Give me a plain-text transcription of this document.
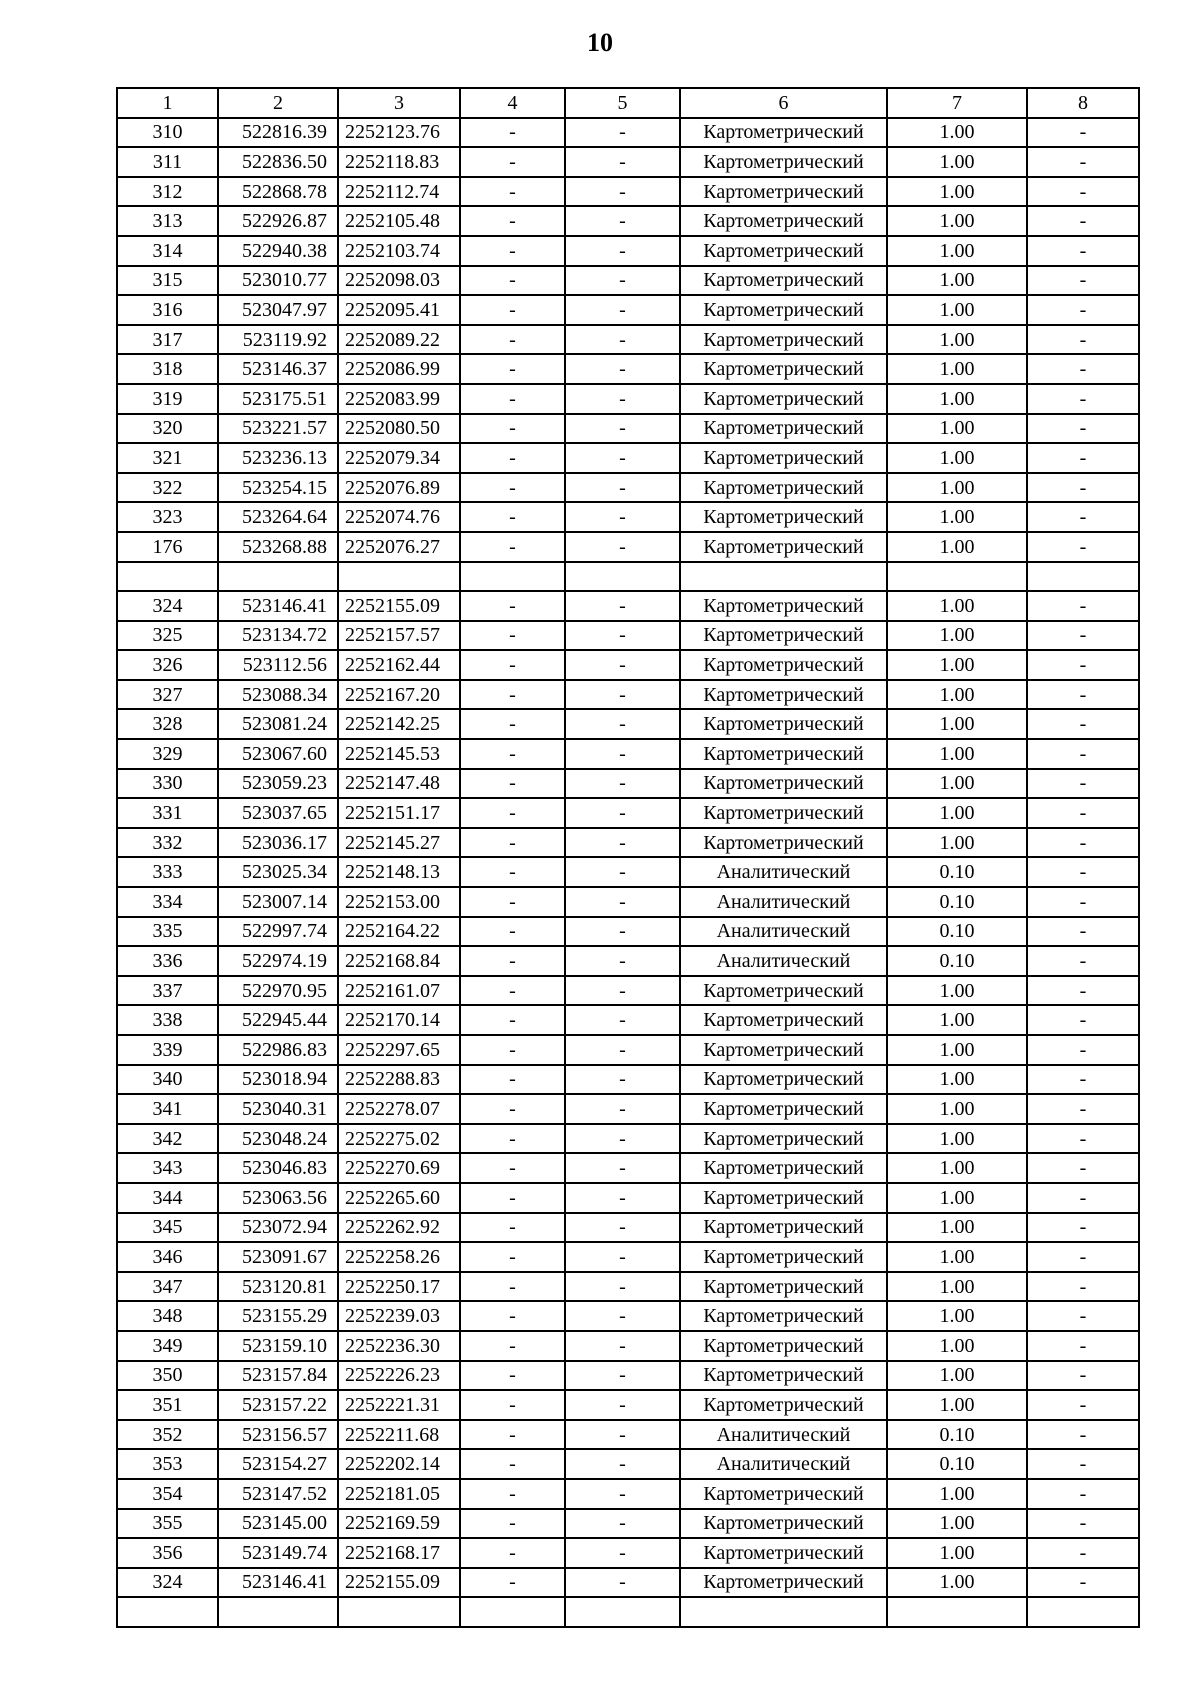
10
1	2	3	4	5	6	7	8
310	522816.39	2252123.76	-	-	Картометрический	1.00	-
311	522836.50	2252118.83	-	-	Картометрический	1.00	-
312	522868.78	2252112.74	-	-	Картометрический	1.00	-
313	522926.87	2252105.48	-	-	Картометрический	1.00	-
314	522940.38	2252103.74	-	-	Картометрический	1.00	-
315	523010.77	2252098.03	-	-	Картометрический	1.00	-
316	523047.97	2252095.41	-	-	Картометрический	1.00	-
317	523119.92	2252089.22	-	-	Картометрический	1.00	-
318	523146.37	2252086.99	-	-	Картометрический	1.00	-
319	523175.51	2252083.99	-	-	Картометрический	1.00	-
320	523221.57	2252080.50	-	-	Картометрический	1.00	-
321	523236.13	2252079.34	-	-	Картометрический	1.00	-
322	523254.15	2252076.89	-	-	Картометрический	1.00	-
323	523264.64	2252074.76	-	-	Картометрический	1.00	-
176	523268.88	2252076.27	-	-	Картометрический	1.00	-

324	523146.41	2252155.09	-	-	Картометрический	1.00	-
325	523134.72	2252157.57	-	-	Картометрический	1.00	-
326	523112.56	2252162.44	-	-	Картометрический	1.00	-
327	523088.34	2252167.20	-	-	Картометрический	1.00	-
328	523081.24	2252142.25	-	-	Картометрический	1.00	-
329	523067.60	2252145.53	-	-	Картометрический	1.00	-
330	523059.23	2252147.48	-	-	Картометрический	1.00	-
331	523037.65	2252151.17	-	-	Картометрический	1.00	-
332	523036.17	2252145.27	-	-	Картометрический	1.00	-
333	523025.34	2252148.13	-	-	Аналитический	0.10	-
334	523007.14	2252153.00	-	-	Аналитический	0.10	-
335	522997.74	2252164.22	-	-	Аналитический	0.10	-
336	522974.19	2252168.84	-	-	Аналитический	0.10	-
337	522970.95	2252161.07	-	-	Картометрический	1.00	-
338	522945.44	2252170.14	-	-	Картометрический	1.00	-
339	522986.83	2252297.65	-	-	Картометрический	1.00	-
340	523018.94	2252288.83	-	-	Картометрический	1.00	-
341	523040.31	2252278.07	-	-	Картометрический	1.00	-
342	523048.24	2252275.02	-	-	Картометрический	1.00	-
343	523046.83	2252270.69	-	-	Картометрический	1.00	-
344	523063.56	2252265.60	-	-	Картометрический	1.00	-
345	523072.94	2252262.92	-	-	Картометрический	1.00	-
346	523091.67	2252258.26	-	-	Картометрический	1.00	-
347	523120.81	2252250.17	-	-	Картометрический	1.00	-
348	523155.29	2252239.03	-	-	Картометрический	1.00	-
349	523159.10	2252236.30	-	-	Картометрический	1.00	-
350	523157.84	2252226.23	-	-	Картометрический	1.00	-
351	523157.22	2252221.31	-	-	Картометрический	1.00	-
352	523156.57	2252211.68	-	-	Аналитический	0.10	-
353	523154.27	2252202.14	-	-	Аналитический	0.10	-
354	523147.52	2252181.05	-	-	Картометрический	1.00	-
355	523145.00	2252169.59	-	-	Картометрический	1.00	-
356	523149.74	2252168.17	-	-	Картометрический	1.00	-
324	523146.41	2252155.09	-	-	Картометрический	1.00	-
